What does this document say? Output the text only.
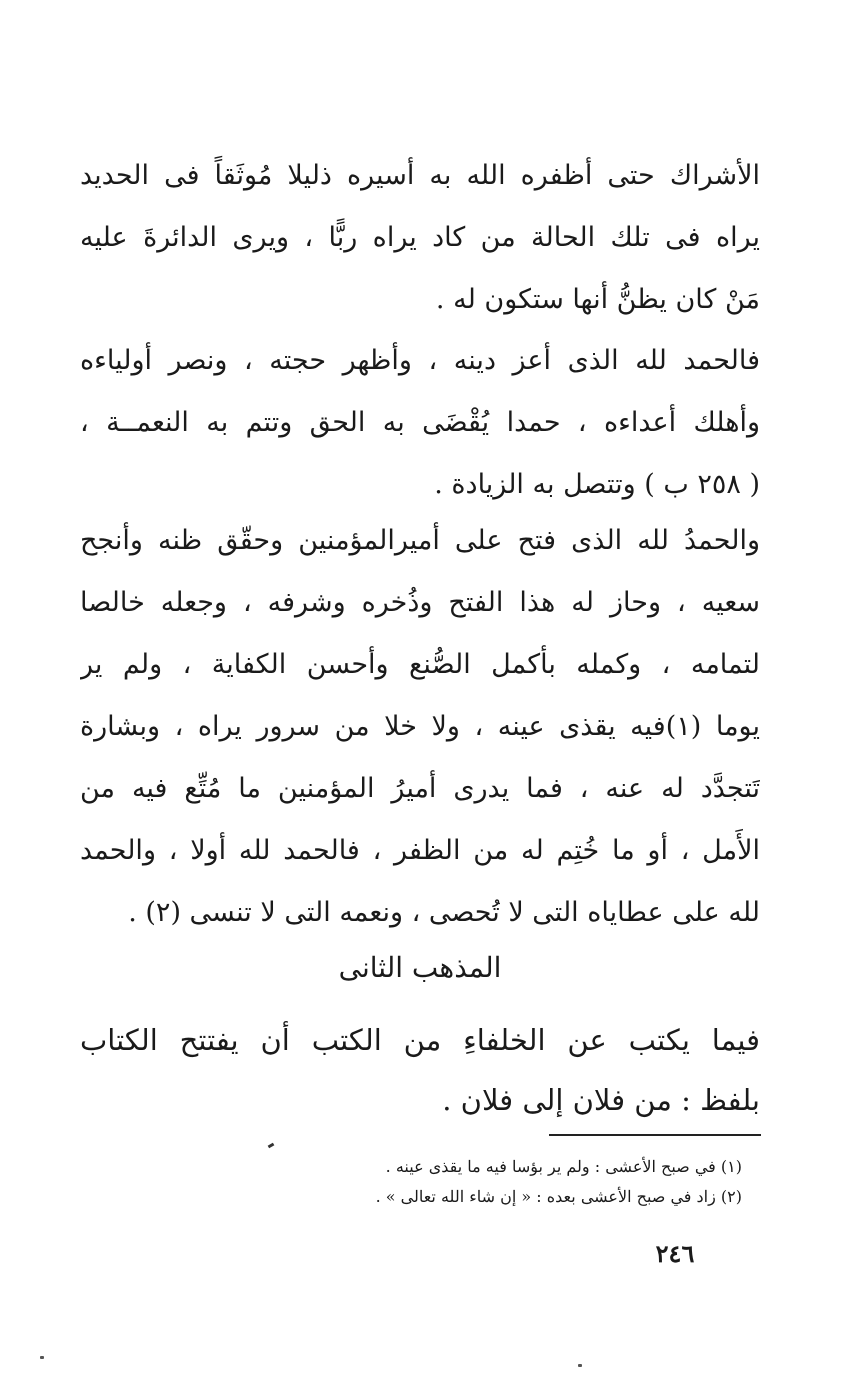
الأشراك حتى أظفره الله به أسيره ذليلا مُوثَقاً فى الحديد
يراه فى تلك الحالة من كاد يراه ربًّا ، ويرى الدائرةَ عليه
مَنْ كان يظنُّ أنها ستكون له .
فالحمد لله الذى أعز دينه ، وأظهر حجته ، ونصر أولياءه
وأهلك أعداءه ، حمدا يُقْضَى به الحق وتتم به النعمــة ،
( ٢٥٨ ب ) وتتصل به الزيادة .
والحمدُ لله الذى فتح على أميرالمؤمنين وحقّق ظنه وأنجح
سعيه ، وحاز له هذا الفتح وذُخره وشرفه ، وجعله خالصا
لتمامه ، وكمله بأكمل الصُّنع وأحسن الكفاية ، ولم ير
يوما (١)فيه يقذى عينه ، ولا خلا من سرور يراه ، وبشارة
تَتجدَّد له عنه ، فما يدرى أميرُ المؤمنين ما مُتِّع فيه من
الأَمل ، أو ما خُتِم له من الظفر ، فالحمد لله أولا ، والحمد
لله على عطاياه التى لا تُحصى ، ونعمه التى لا تنسى (٢) .
المذهب الثانى
فيما يكتب عن الخلفاءِ من الكتب أن يفتتح الكتاب
بلفظ : من فلان إلى فلان .
(١) في صبح الأعشى : ولم ير بؤسا فيه ما يقذى عينه .
(٢) زاد في صبح الأعشى بعده : « إن شاء الله تعالى » .
٢٤٦
